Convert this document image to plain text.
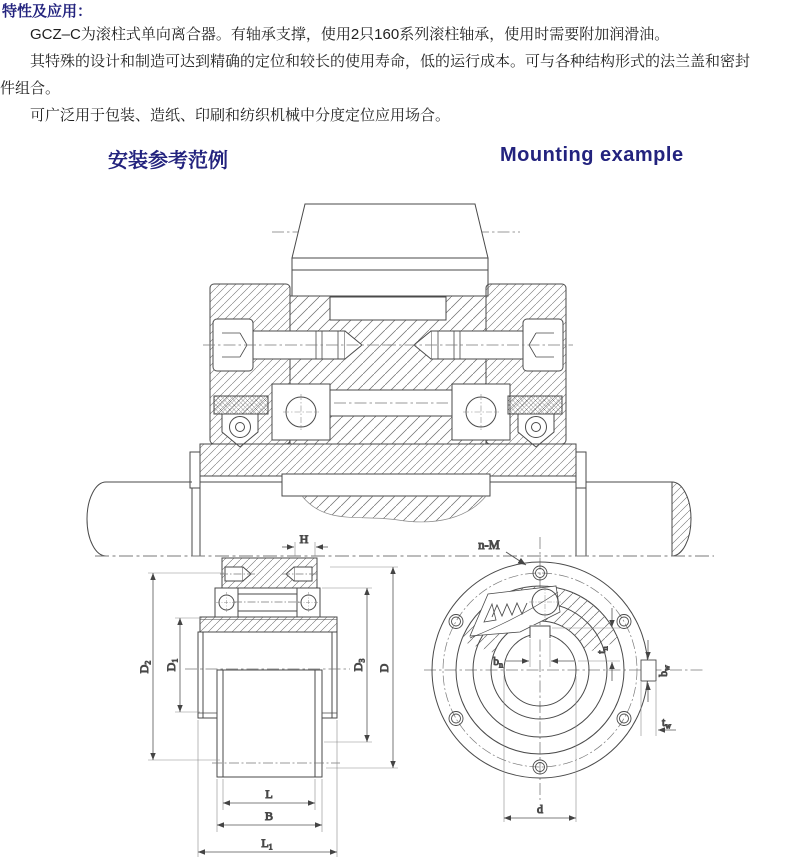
特性及应用：

GCZ–C为滚柱式单向离合器。有轴承支撑，使用2只160系列滚柱轴承，使用时需要附加润滑油。

其特殊的设计和制造可达到精确的定位和较长的使用寿命，低的运行成本。可与各种结构形式的法兰盖和密封件组合。

可广泛用于包装、造纸、印刷和纺织机械中分度定位应用场合。

安装参考范例	Mounting example
H
$D_2$ $D_1$
$D_3$
D
L
B
$L_1$
n-M
$b_n$
$t_n$
$b_w$
$t_w$
d
